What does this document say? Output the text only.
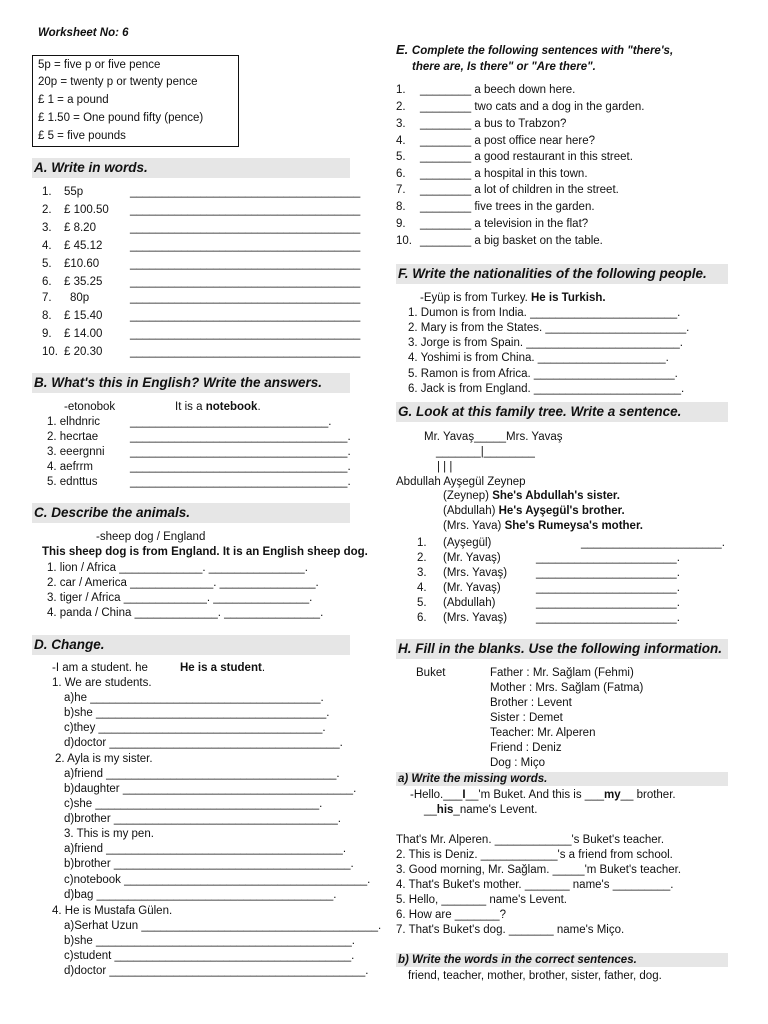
Worksheet No: 6
5p = five p or five pence
20p = twenty p or twenty pence
£ 1 = a pound
£ 1.50 = One pound fifty (pence)
£ 5 = five pounds
A. Write in words.
1. 55p	____________________________________
2. £ 100.50 ____________________________________
3. £ 8.20	____________________________________
4. £ 45.12 ____________________________________
5. £10.60	____________________________________
6. £ 35.25 ____________________________________
7. 80p	____________________________________
8. £ 15.40 ____________________________________
9. £ 14.00 ____________________________________
10. £ 20.30 ____________________________________
B. What's this in English? Write the answers.
-etonobok	It is a notebook.
1. elhdnric	_______________________________.
2. hecrtae	__________________________________.
3. eeergnni __________________________________.
4. aefrrm	__________________________________.
5. ednttus	__________________________________.
C. Describe the animals.
-sheep dog / England
This sheep dog is from England. It is an English sheep dog.
1. lion / Africa _____________. _______________.
2. car / America _____________. _______________.
3. tiger / Africa _____________. _______________.
4. panda / China _____________. _______________.
D. Change.
-I am a student. he	He is a student.
1. We are students.
a)he ____________________________________.
b)she ____________________________________.
c)they ___________________________________.
d)doctor ____________________________________.
2. Ayla is my sister.
a)friend ____________________________________.
b)daughter ____________________________________.
c)she ___________________________________.
d)brother ___________________________________.
3. This is my pen.
a)friend _____________________________________.
b)brother _____________________________________.
c)notebook ______________________________________.
d)bag _____________________________________.
4. He is Mustafa Gülen.
a)Serhat Uzun _____________________________________.
b)she ________________________________________.
c)student _____________________________________.
d)doctor ________________________________________.
E. Complete the following sentences with "there's,
there are, Is there" or "Are there".
1. ________ a beech down here.
2. ________ two cats and a dog in the garden.
3. ________ a bus to Trabzon?
4. ________ a post office near here?
5. ________ a good restaurant in this street.
6. ________ a hospital in this town.
7. ________ a lot of children in the street.
8. ________ five trees in the garden.
9. ________ a television in the flat?
10. ________ a big basket on the table.
F. Write the nationalities of the following people.
-Eyüp is from Turkey. He is Turkish.
1. Dumon is from India. _______________________.
2. Mary is from the States. ______________________.
3. Jorge is from Spain. ________________________.
4. Yoshimi is from China. ____________________.
5. Ramon is from Africa. ______________________.
6. Jack is from England. _______________________.
G. Look at this family tree. Write a sentence.
Mr. Yavaş_____Mrs. Yavaş
_______|________
| | |
Abdullah Ayşegül Zeynep
(Zeynep) She's Abdullah's sister.
(Abdullah) He's Ayşegül's brother.
(Mrs. Yava) She's Rumeysa's mother.
1. (Ayşegül)	______________________.
2. (Mr. Yavaş)	______________________.
3. (Mrs. Yavaş)	______________________.
4. (Mr. Yavaş)	______________________.
5. (Abdullah)	______________________.
6. (Mrs. Yavaş)	______________________.
H. Fill in the blanks. Use the following information.
Buket	Father : Mr. Sağlam (Fehmi)
Mother : Mrs. Sağlam (Fatma)
Brother : Levent
Sister : Demet
Teacher: Mr. Alperen
Friend : Deniz
Dog : Miço
a) Write the missing words.
-Hello.___I__'m Buket. And this is ___my__ brother.
__his_name's Levent.
That's Mr. Alperen. ____________'s Buket's teacher.
2. This is Deniz. ____________'s a friend from school.
3. Good morning, Mr. Sağlam. _____'m Buket's teacher.
4. That's Buket's mother. _______ name's _________.
5. Hello, _______ name's Levent.
6. How are _______?
7. That's Buket's dog. _______ name's Miço.
b) Write the words in the correct sentences.
friend, teacher, mother, brother, sister, father, dog.
